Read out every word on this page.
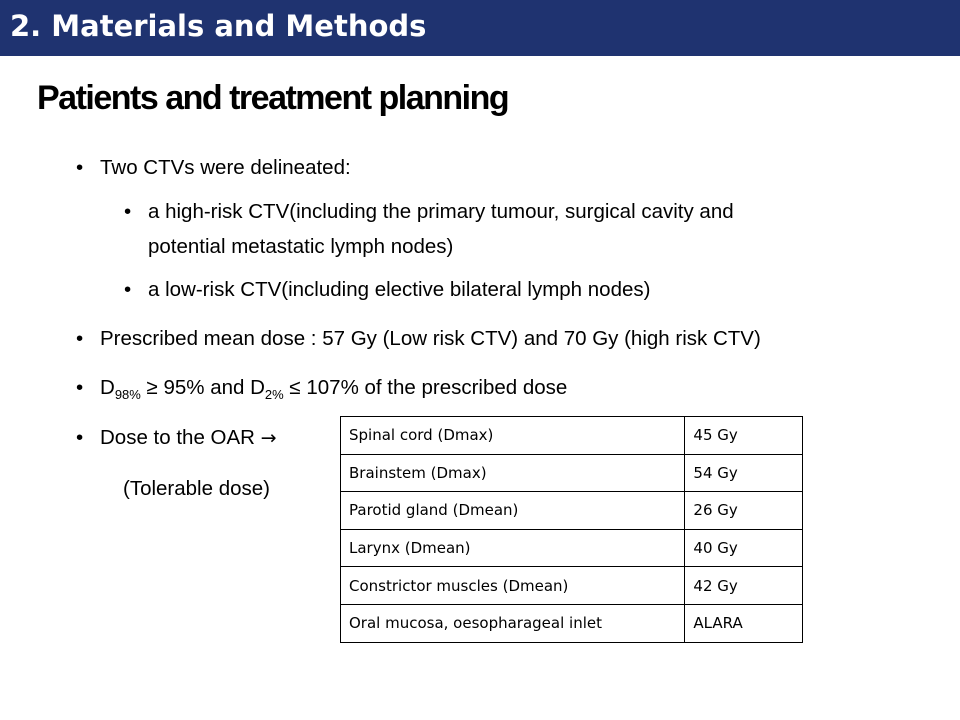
2. Materials and Methods
Patients and treatment planning
• Two CTVs were delineated:
• a high-risk CTV(including the primary tumour, surgical cavity and
potential metastatic lymph nodes)
• a low-risk CTV(including elective bilateral lymph nodes)
• Prescribed mean dose : 57 Gy (Low risk CTV) and 70 Gy (high risk CTV)
• $D_{98\%} \ge 95\%$ and $D_{2\%} \le 107\%$ of the prescribed dose
• Dose to the OAR →
(Tolerable dose)
Spinal cord (Dmax)	45 Gy
Brainstem (Dmax)	54 Gy
Parotid gland (Dmean)	26 Gy
Larynx (Dmean)	40 Gy
Constrictor muscles (Dmean)	42 Gy
Oral mucosa, oesopharageal inlet	ALARA
